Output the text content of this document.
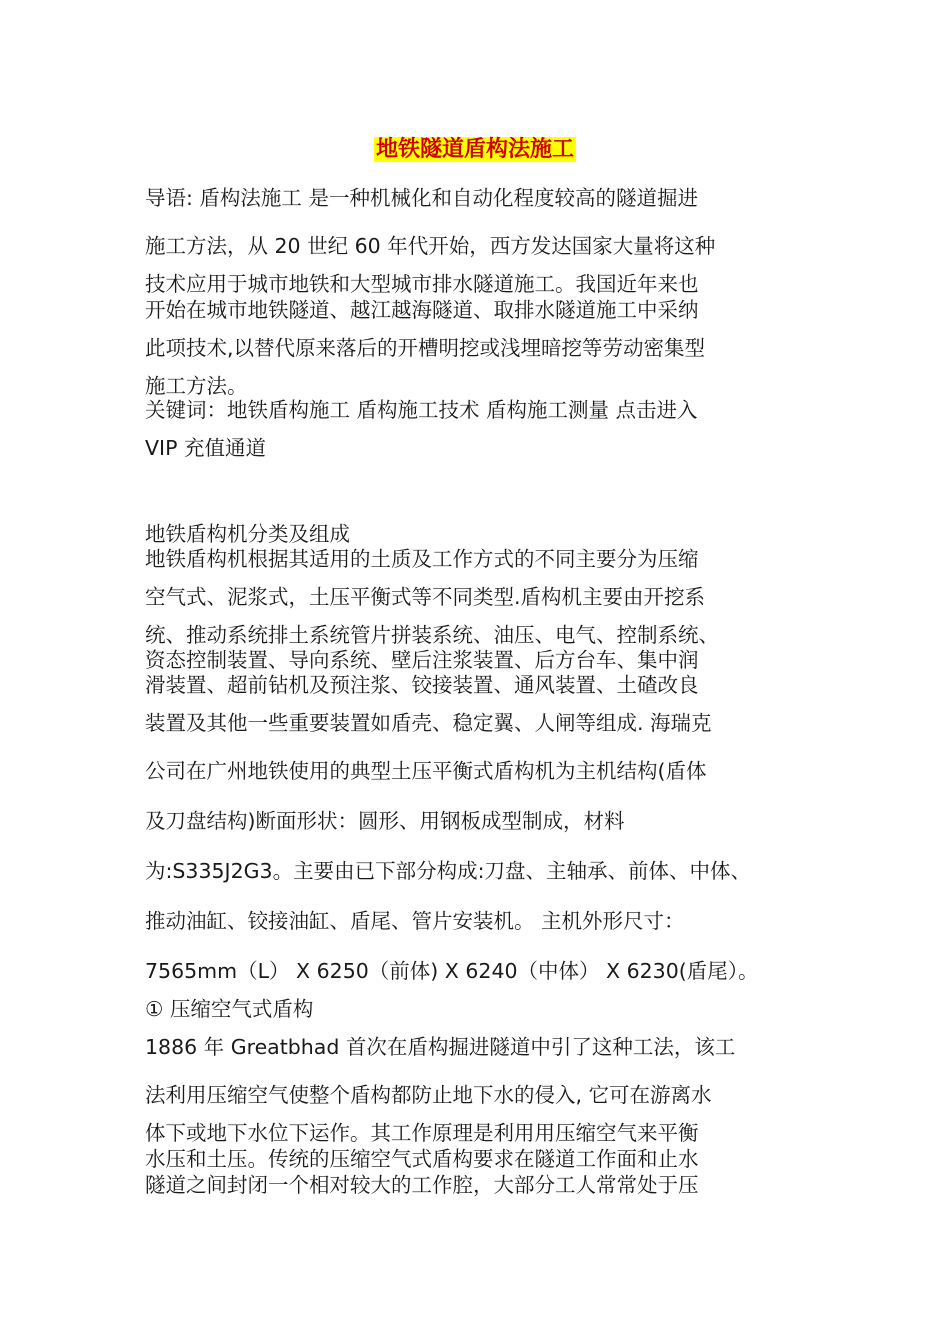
地铁隧道盾构法施工
导语: 盾构法施工 是一种机械化和自动化程度较高的隧道掘进
施工方法，从 20 世纪 60 年代开始，西方发达国家大量将这种
技术应用于城市地铁和大型城市排水隧道施工。我国近年来也
开始在城市地铁隧道、越江越海隧道、取排水隧道施工中采纳
此项技术,以替代原来落后的开槽明挖或浅埋暗挖等劳动密集型
施工方法。
关键词：地铁盾构施工 盾构施工技术 盾构施工测量 点击进入
VIP 充值通道
地铁盾构机分类及组成
地铁盾构机根据其适用的土质及工作方式的不同主要分为压缩
空气式、泥浆式，土压平衡式等不同类型.盾构机主要由开挖系
统、推动系统排土系统管片拼装系统、油压、电气、控制系统、
资态控制装置、导向系统、壁后注浆装置、后方台车、集中润
滑装置、超前钻机及预注浆、铰接装置、通风装置、土碴改良
装置及其他一些重要装置如盾壳、稳定翼、人闸等组成. 海瑞克
公司在广州地铁使用的典型土压平衡式盾构机为主机结构(盾体
及刀盘结构)断面形状：圆形、用钢板成型制成，材料
为:S335J2G3。主要由已下部分构成:刀盘、主轴承、前体、中体、
推动油缸、铰接油缸、盾尾、管片安装机。 主机外形尺寸：
7565mm（L） X 6250（前体) X 6240（中体） X 6230(盾尾）。
① 压缩空气式盾构
1886 年 Greatbhad 首次在盾构掘进隧道中引了这种工法，该工
法利用压缩空气使整个盾构都防止地下水的侵入, 它可在游离水
体下或地下水位下运作。其工作原理是利用用压缩空气来平衡
水压和土压。传统的压缩空气式盾构要求在隧道工作面和止水
隧道之间封闭一个相对较大的工作腔，大部分工人常常处于压
